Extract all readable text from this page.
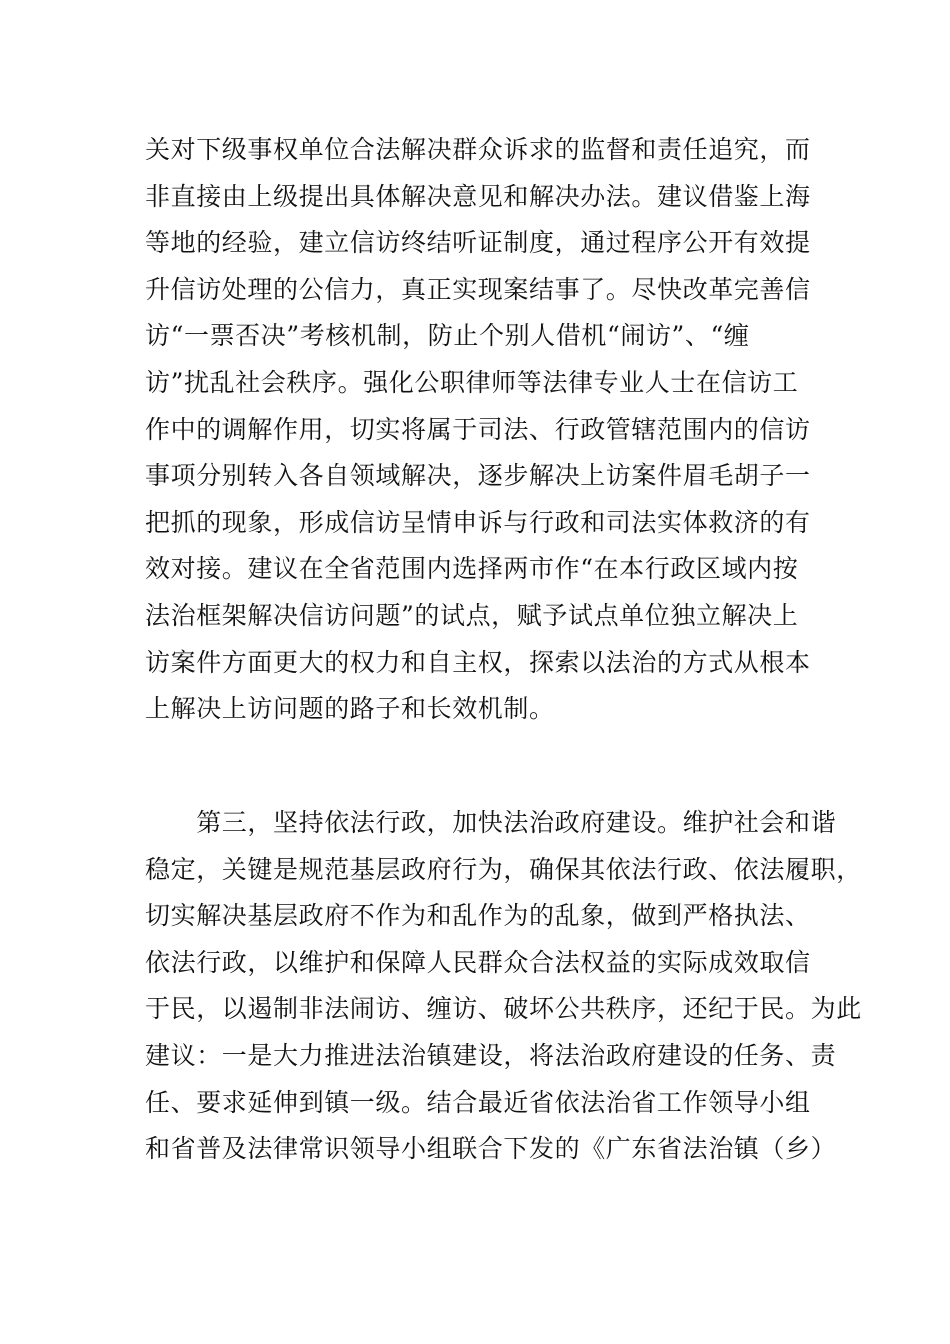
关对下级事权单位合法解决群众诉求的监督和责任追究，而
非直接由上级提出具体解决意见和解决办法。建议借鉴上海
等地的经验，建立信访终结听证制度，通过程序公开有效提
升信访处理的公信力，真正实现案结事了。尽快改革完善信
访“一票否决”考核机制，防止个别人借机“闹访”、“缠
访”扰乱社会秩序。强化公职律师等法律专业人士在信访工
作中的调解作用，切实将属于司法、行政管辖范围内的信访
事项分别转入各自领域解决，逐步解决上访案件眉毛胡子一
把抓的现象，形成信访呈情申诉与行政和司法实体救济的有
效对接。建议在全省范围内选择两市作“在本行政区域内按
法治框架解决信访问题”的试点，赋予试点单位独立解决上
访案件方面更大的权力和自主权，探索以法治的方式从根本
上解决上访问题的路子和长效机制。
　　第三，坚持依法行政，加快法治政府建设。维护社会和谐
稳定，关键是规范基层政府行为，确保其依法行政、依法履职，
切实解决基层政府不作为和乱作为的乱象，做到严格执法、
依法行政，以维护和保障人民群众合法权益的实际成效取信
于民，以遏制非法闹访、缠访、破坏公共秩序，还纪于民。为此
建议：一是大力推进法治镇建设，将法治政府建设的任务、责
任、要求延伸到镇一级。结合最近省依法治省工作领导小组
和省普及法律常识领导小组联合下发的《广东省法治镇（乡）
